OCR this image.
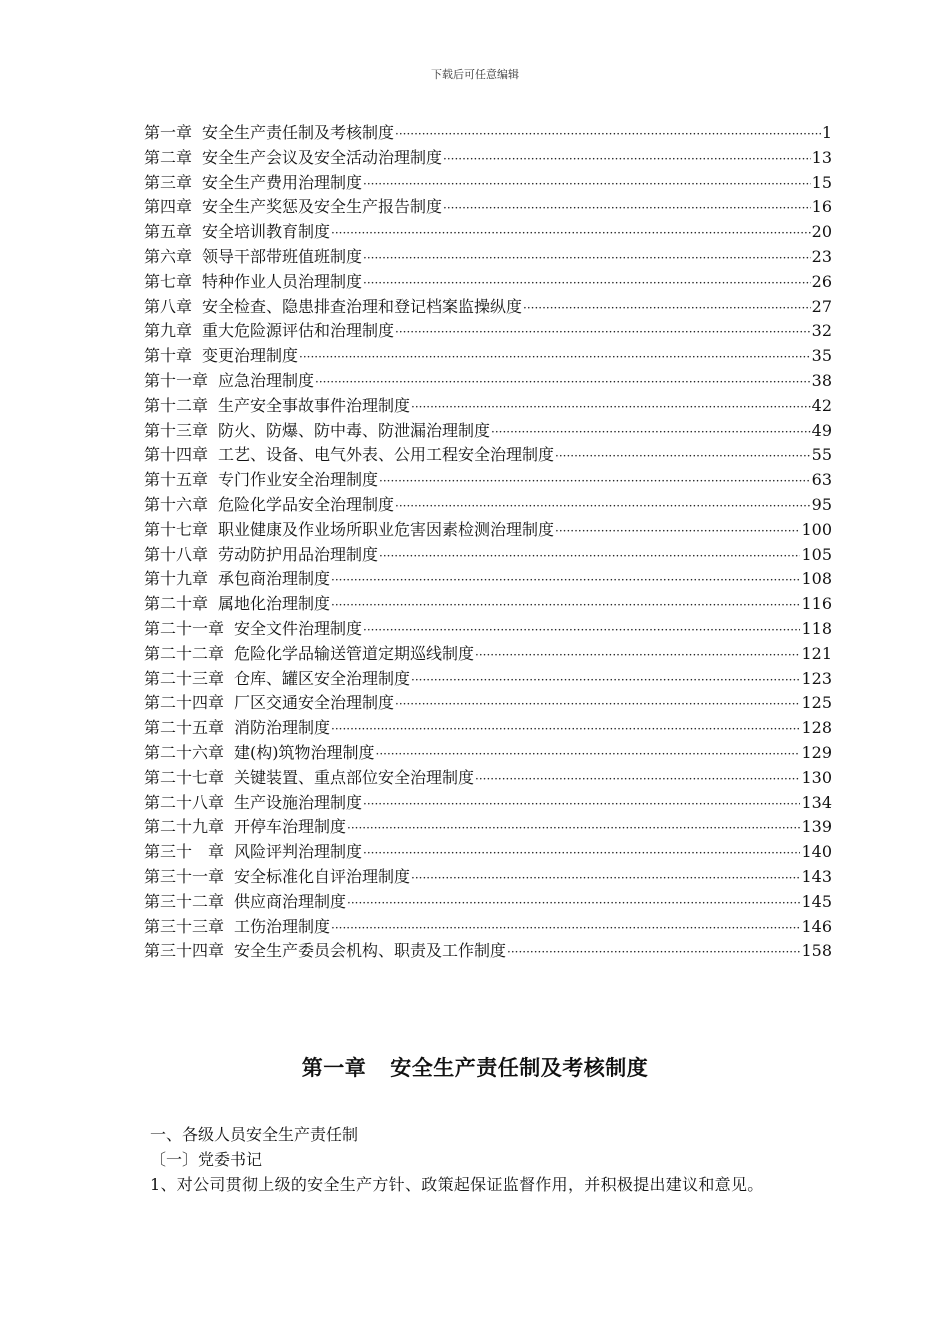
下载后可任意编辑
第一章 安全生产责任制及考核制度 ·····	1
第二章 安全生产会议及安全活动治理制度 ·····	13
第三章 安全生产费用治理制度 ·····	15
第四章 安全生产奖惩及安全生产报告制度 ·····	16
第五章 安全培训教育制度 ·····	20
第六章 领导干部带班值班制度 ·····	23
第七章 特种作业人员治理制度 ·····	26
第八章 安全检查、隐患排查治理和登记档案监操纵度 ·····	27
第九章 重大危险源评估和治理制度 ·····	32
第十章 变更治理制度 ·····	35
第十一章 应急治理制度 ·····	38
第十二章 生产安全事故事件治理制度 ·····	42
第十三章 防火、防爆、防中毒、防泄漏治理制度 ·····	49
第十四章 工艺、设备、电气外表、公用工程安全治理制度 ·····	55
第十五章 专门作业安全治理制度 ·····	63
第十六章 危险化学品安全治理制度 ·····	95
第十七章 职业健康及作业场所职业危害因素检测治理制度 ·····	100
第十八章 劳动防护用品治理制度 ·····	105
第十九章 承包商治理制度 ·····	108
第二十章 属地化治理制度 ·····	116
第二十一章 安全文件治理制度 ·····	118
第二十二章 危险化学品输送管道定期巡线制度 ·····	121
第二十三章 仓库、罐区安全治理制度 ·····	123
第二十四章 厂区交通安全治理制度 ·····	125
第二十五章 消防治理制度 ·····	128
第二十六章 建(构)筑物治理制度 ·····	129
第二十七章 关键装置、重点部位安全治理制度 ·····	130
第二十八章 生产设施治理制度 ·····	134
第二十九章 开停车治理制度 ·····	139
第三十　章 风险评判治理制度 ·····	140
第三十一章 安全标准化自评治理制度 ·····	143
第三十二章 供应商治理制度 ·····	145
第三十三章 工伤治理制度 ·····	146
第三十四章 安全生产委员会机构、职责及工作制度 ·····	158
第一章 安全生产责任制及考核制度
一、各级人员安全生产责任制
〔一〕党委书记
1、对公司贯彻上级的安全生产方针、政策起保证监督作用，并积极提出建议和意见。
